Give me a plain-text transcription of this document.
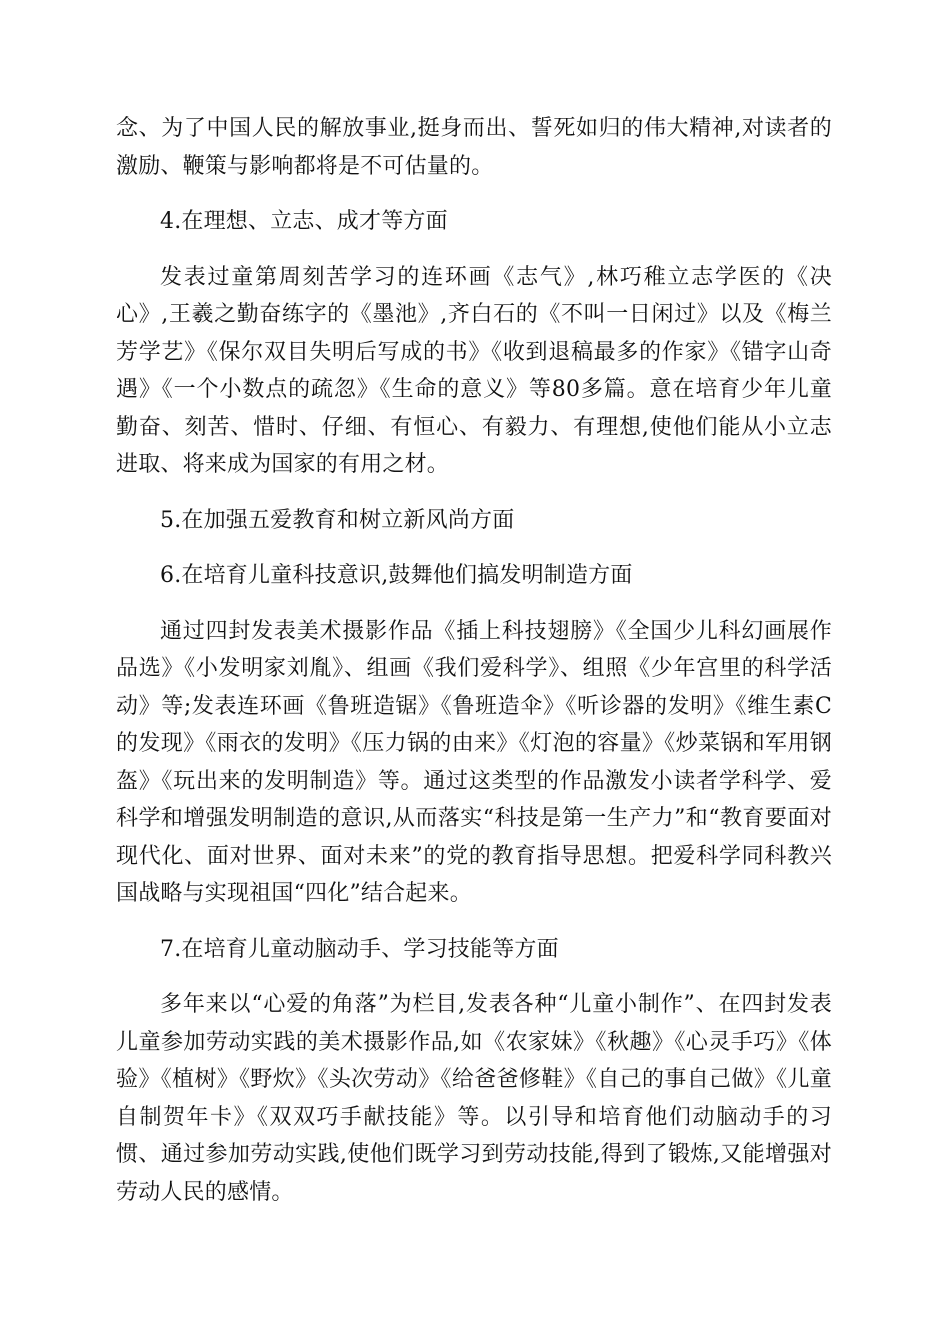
念、为了中国人民的解放事业,挺身而出、誓死如归的伟大精神,对读者的激励、鞭策与影响都将是不可估量的。

4.在理想、立志、成才等方面

发表过童第周刻苦学习的连环画《志气》,林巧稚立志学医的《决心》,王羲之勤奋练字的《墨池》,齐白石的《不叫一日闲过》以及《梅兰芳学艺》《保尔双目失明后写成的书》《收到退稿最多的作家》《错字山奇遇》《一个小数点的疏忽》《生命的意义》等80多篇。意在培育少年儿童勤奋、刻苦、惜时、仔细、有恒心、有毅力、有理想,使他们能从小立志进取、将来成为国家的有用之材。

5.在加强五爱教育和树立新风尚方面

6.在培育儿童科技意识,鼓舞他们搞发明制造方面

通过四封发表美术摄影作品《插上科技翅膀》《全国少儿科幻画展作品选》《小发明家刘胤》、组画《我们爱科学》、组照《少年宫里的科学活动》等;发表连环画《鲁班造锯》《鲁班造伞》《听诊器的发明》《维生素C的发现》《雨衣的发明》《压力锅的由来》《灯泡的容量》《炒菜锅和军用钢盔》《玩出来的发明制造》等。通过这类型的作品激发小读者学科学、爱科学和增强发明制造的意识,从而落实“科技是第一生产力”和“教育要面对现代化、面对世界、面对未来”的党的教育指导思想。把爱科学同科教兴国战略与实现祖国“四化”结合起来。

7.在培育儿童动脑动手、学习技能等方面

多年来以“心爱的角落”为栏目,发表各种“儿童小制作”、在四封发表儿童参加劳动实践的美术摄影作品,如《农家妹》《秋趣》《心灵手巧》《体验》《植树》《野炊》《头次劳动》《给爸爸修鞋》《自己的事自己做》《儿童自制贺年卡》《双双巧手献技能》等。以引导和培育他们动脑动手的习惯、通过参加劳动实践,使他们既学习到劳动技能,得到了锻炼,又能增强对劳动人民的感情。
